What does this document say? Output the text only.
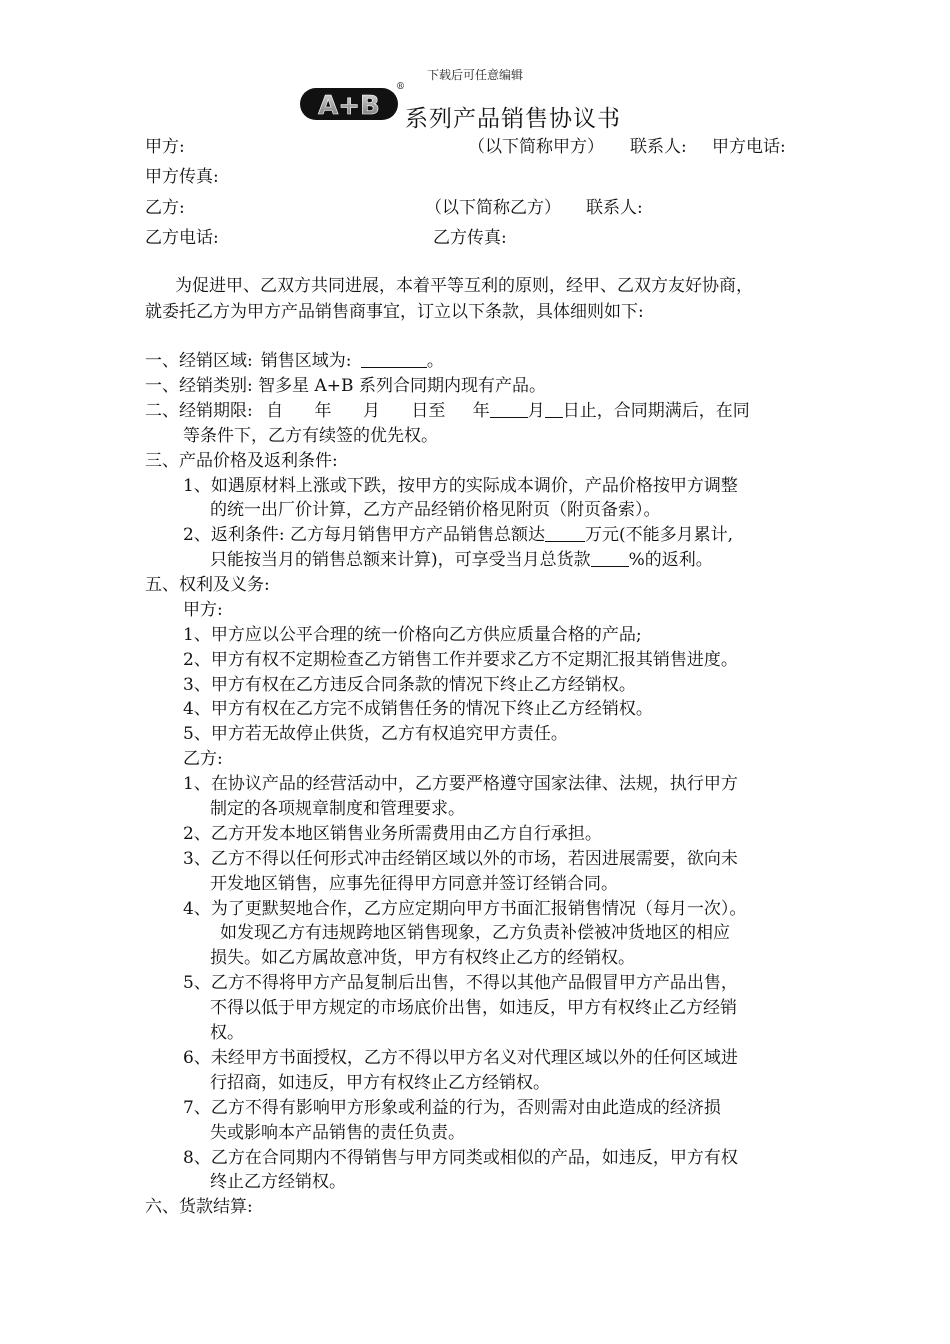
下载后可任意编辑
A+B
®
系列产品销售协议书
甲方:	（以下简称甲方） 联系人: 甲方电话:
甲方传真:
乙方:	（以下简称乙方） 联系人:
乙方电话:	乙方传真:
为促进甲、乙双方共同进展，本着平等互利的原则，经甲、乙双方友好协商，
就委托乙方为甲方产品销售商事宜，订立以下条款，具体细则如下:
一、经销区域: 销售区域为:	。
一、经销类别: 智多星 A+B 系列合同期内现有产品。
二、经销期限: 自 年 月 日至 年 月 日止，合同期满后，在同
等条件下，乙方有续签的优先权。
三、产品价格及返利条件:
1、如遇原材料上涨或下跌，按甲方的实际成本调价，产品价格按甲方调整
的统一出厂价计算，乙方产品经销价格见附页（附页备索）。
2、返利条件: 乙方每月销售甲方产品销售总额达 万元(不能多月累计,
只能按当月的销售总额来计算)，可享受当月总货款 %的返利。
五、权利及义务:
甲方:
1、甲方应以公平合理的统一价格向乙方供应质量合格的产品;
2、甲方有权不定期检查乙方销售工作并要求乙方不定期汇报其销售进度。
3、甲方有权在乙方违反合同条款的情况下终止乙方经销权。
4、甲方有权在乙方完不成销售任务的情况下终止乙方经销权。
5、甲方若无故停止供货，乙方有权追究甲方责任。
乙方:
1、在协议产品的经营活动中，乙方要严格遵守国家法律、法规，执行甲方
制定的各项规章制度和管理要求。
2、乙方开发本地区销售业务所需费用由乙方自行承担。
3、乙方不得以任何形式冲击经销区域以外的市场，若因进展需要，欲向未
开发地区销售，应事先征得甲方同意并签订经销合同。
4、为了更默契地合作，乙方应定期向甲方书面汇报销售情况（每月一次）。
如发现乙方有违规跨地区销售现象，乙方负责补偿被冲货地区的相应
损失。如乙方属故意冲货，甲方有权终止乙方的经销权。
5、乙方不得将甲方产品复制后出售，不得以其他产品假冒甲方产品出售，
不得以低于甲方规定的市场底价出售，如违反，甲方有权终止乙方经销
权。
6、未经甲方书面授权，乙方不得以甲方名义对代理区域以外的任何区域进
行招商，如违反，甲方有权终止乙方经销权。
7、乙方不得有影响甲方形象或利益的行为，否则需对由此造成的经济损
失或影响本产品销售的责任负责。
8、乙方在合同期内不得销售与甲方同类或相似的产品，如违反，甲方有权
终止乙方经销权。
六、货款结算:
